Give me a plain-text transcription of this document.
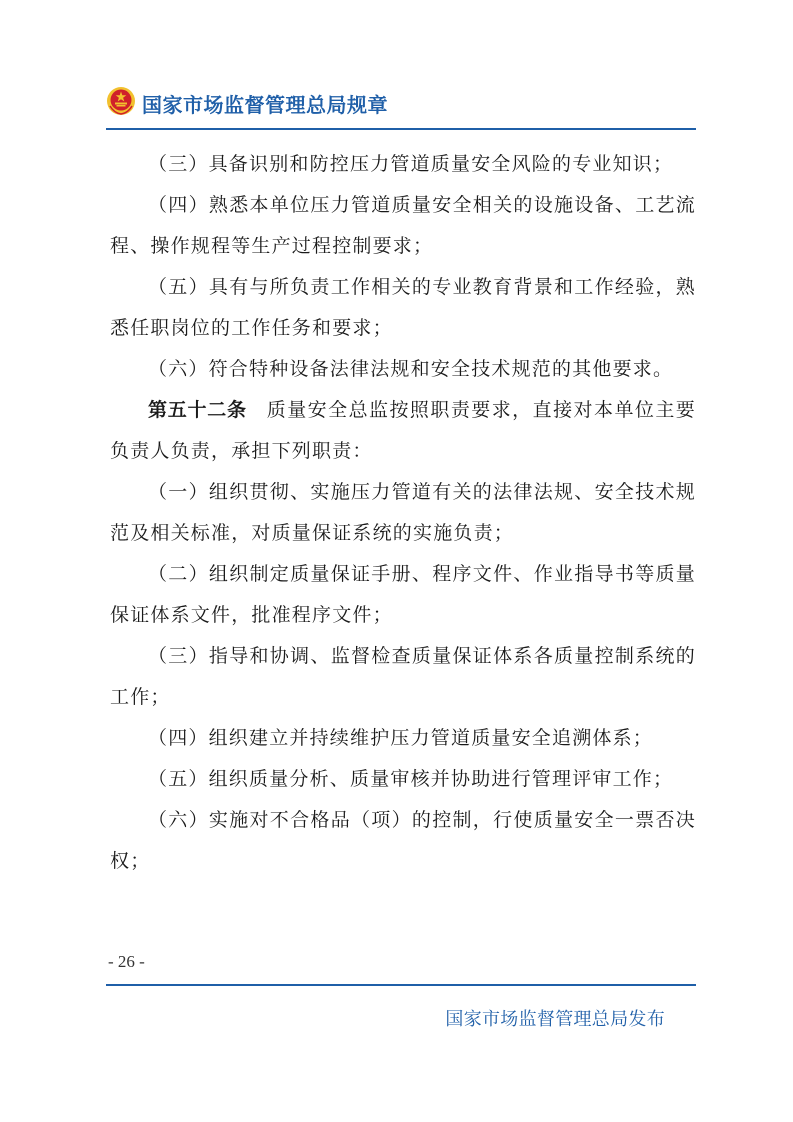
国家市场监督管理总局规章

（三）具备识别和防控压力管道质量安全风险的专业知识；

（四）熟悉本单位压力管道质量安全相关的设施设备、工艺流程、操作规程等生产过程控制要求；

（五）具有与所负责工作相关的专业教育背景和工作经验，熟悉任职岗位的工作任务和要求；

（六）符合特种设备法律法规和安全技术规范的其他要求。

第五十二条 质量安全总监按照职责要求，直接对本单位主要负责人负责，承担下列职责：

（一）组织贯彻、实施压力管道有关的法律法规、安全技术规范及相关标准，对质量保证系统的实施负责；

（二）组织制定质量保证手册、程序文件、作业指导书等质量保证体系文件，批准程序文件；

（三）指导和协调、监督检查质量保证体系各质量控制系统的工作；

（四）组织建立并持续维护压力管道质量安全追溯体系；

（五）组织质量分析、质量审核并协助进行管理评审工作；

（六）实施对不合格品（项）的控制，行使质量安全一票否决权；

- 26 -
国家市场监督管理总局发布
